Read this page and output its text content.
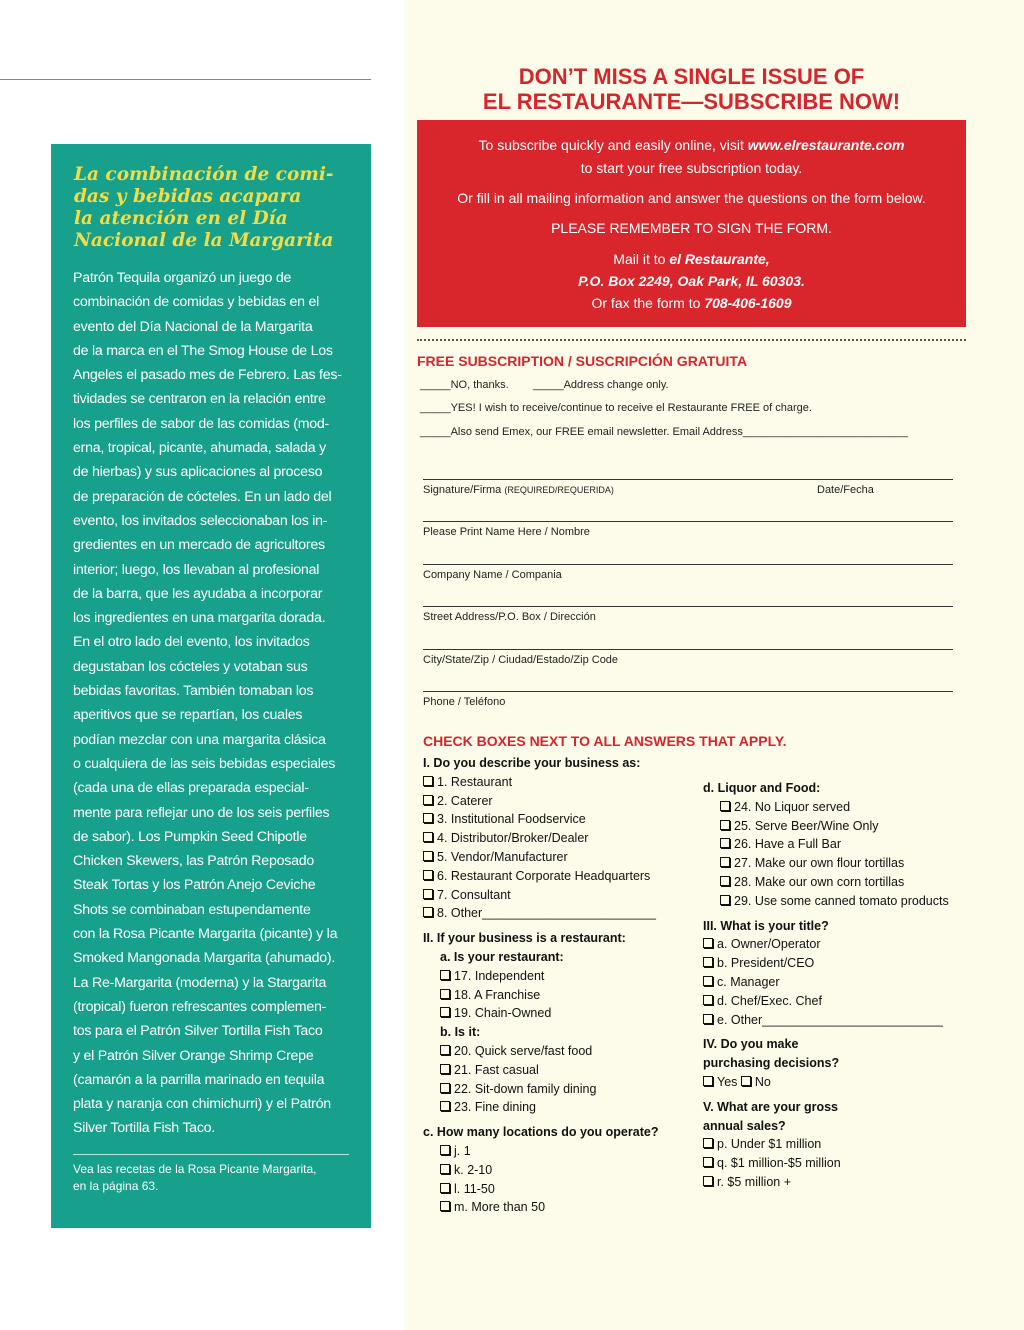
La combinación de comi-
das y bebidas acapara
la atención en el Día
Nacional de la Margarita
Patrón Tequila organizó un juego de
combinación de comidas y bebidas en el
evento del Día Nacional de la Margarita
de la marca en el The Smog House de Los
Angeles el pasado mes de Febrero. Las fes-
tividades se centraron en la relación entre
los perfiles de sabor de las comidas (mod-
erna, tropical, picante, ahumada, salada y
de hierbas) y sus aplicaciones al proceso
de preparación de cócteles. En un lado del
evento, los invitados seleccionaban los in-
gredientes en un mercado de agricultores
interior; luego, los llevaban al profesional
de la barra, que les ayudaba a incorporar
los ingredientes en una margarita dorada.
En el otro lado del evento, los invitados
degustaban los cócteles y votaban sus
bebidas favoritas. También tomaban los
aperitivos que se repartían, los cuales
podían mezclar con una margarita clásica
o cualquiera de las seis bebidas especiales
(cada una de ellas preparada especial-
mente para reflejar uno de los seis perfiles
de sabor). Los Pumpkin Seed Chipotle
Chicken Skewers, las Patrón Reposado
Steak Tortas y los Patrón Anejo Ceviche
Shots se combinaban estupendamente
con la Rosa Picante Margarita (picante) y la
Smoked Mangonada Margarita (ahumado).
La Re-Margarita (moderna) y la Stargarita
(tropical) fueron refrescantes complemen-
tos para el Patrón Silver Tortilla Fish Taco
y el Patrón Silver Orange Shrimp Crepe
(camarón a la parrilla marinado en tequila
plata y naranja con chimichurri) y el Patrón
Silver Tortilla Fish Taco.
Vea las recetas de la Rosa Picante Margarita,
en la página 63.
DON’T MISS A SINGLE ISSUE OF
EL RESTAURANTE—SUBSCRIBE NOW!
To subscribe quickly and easily online, visit www.elrestaurante.com
to start your free subscription today.
Or fill in all mailing information and answer the questions on the form below.
PLEASE REMEMBER TO SIGN THE FORM.
Mail it to el Restaurante,
P.O. Box 2249, Oak Park, IL 60303.
Or fax the form to 708-406-1609
FREE SUBSCRIPTION / SUSCRIPCIÓN GRATUITA
_____NO, thanks. _____Address change only.
_____YES! I wish to receive/continue to receive el Restaurante FREE of charge.
_____Also send Emex, our FREE email newsletter. Email Address___________________________
Signature/Firma (REQUIRED/REQUERIDA)	Date/Fecha
Please Print Name Here / Nombre
Company Name / Compania
Street Address/P.O. Box / Dirección
City/State/Zip / Ciudad/Estado/Zip Code
Phone / Teléfono
CHECK BOXES NEXT TO ALL ANSWERS THAT APPLY.
I. Do you describe your business as:
1. Restaurant
2. Caterer
3. Institutional Foodservice
4. Distributor/Broker/Dealer
5. Vendor/Manufacturer
6. Restaurant Corporate Headquarters
7. Consultant
8. Other_________________________
II. If your business is a restaurant:
a. Is your restaurant:
17. Independent
18. A Franchise
19. Chain-Owned
b. Is it:
20. Quick serve/fast food
21. Fast casual
22. Sit-down family dining
23. Fine dining
c. How many locations do you operate?
j. 1
k. 2-10
l. 11-50
m. More than 50
d. Liquor and Food:
24. No Liquor served
25. Serve Beer/Wine Only
26. Have a Full Bar
27. Make our own flour tortillas
28. Make our own corn tortillas
29. Use some canned tomato products
III. What is your title?
a. Owner/Operator
b. President/CEO
c. Manager
d. Chef/Exec. Chef
e. Other__________________________
IV. Do you make
purchasing decisions?
Yes No
V. What are your gross
annual sales?
p. Under $1 million
q. $1 million-$5 million
r. $5 million +
